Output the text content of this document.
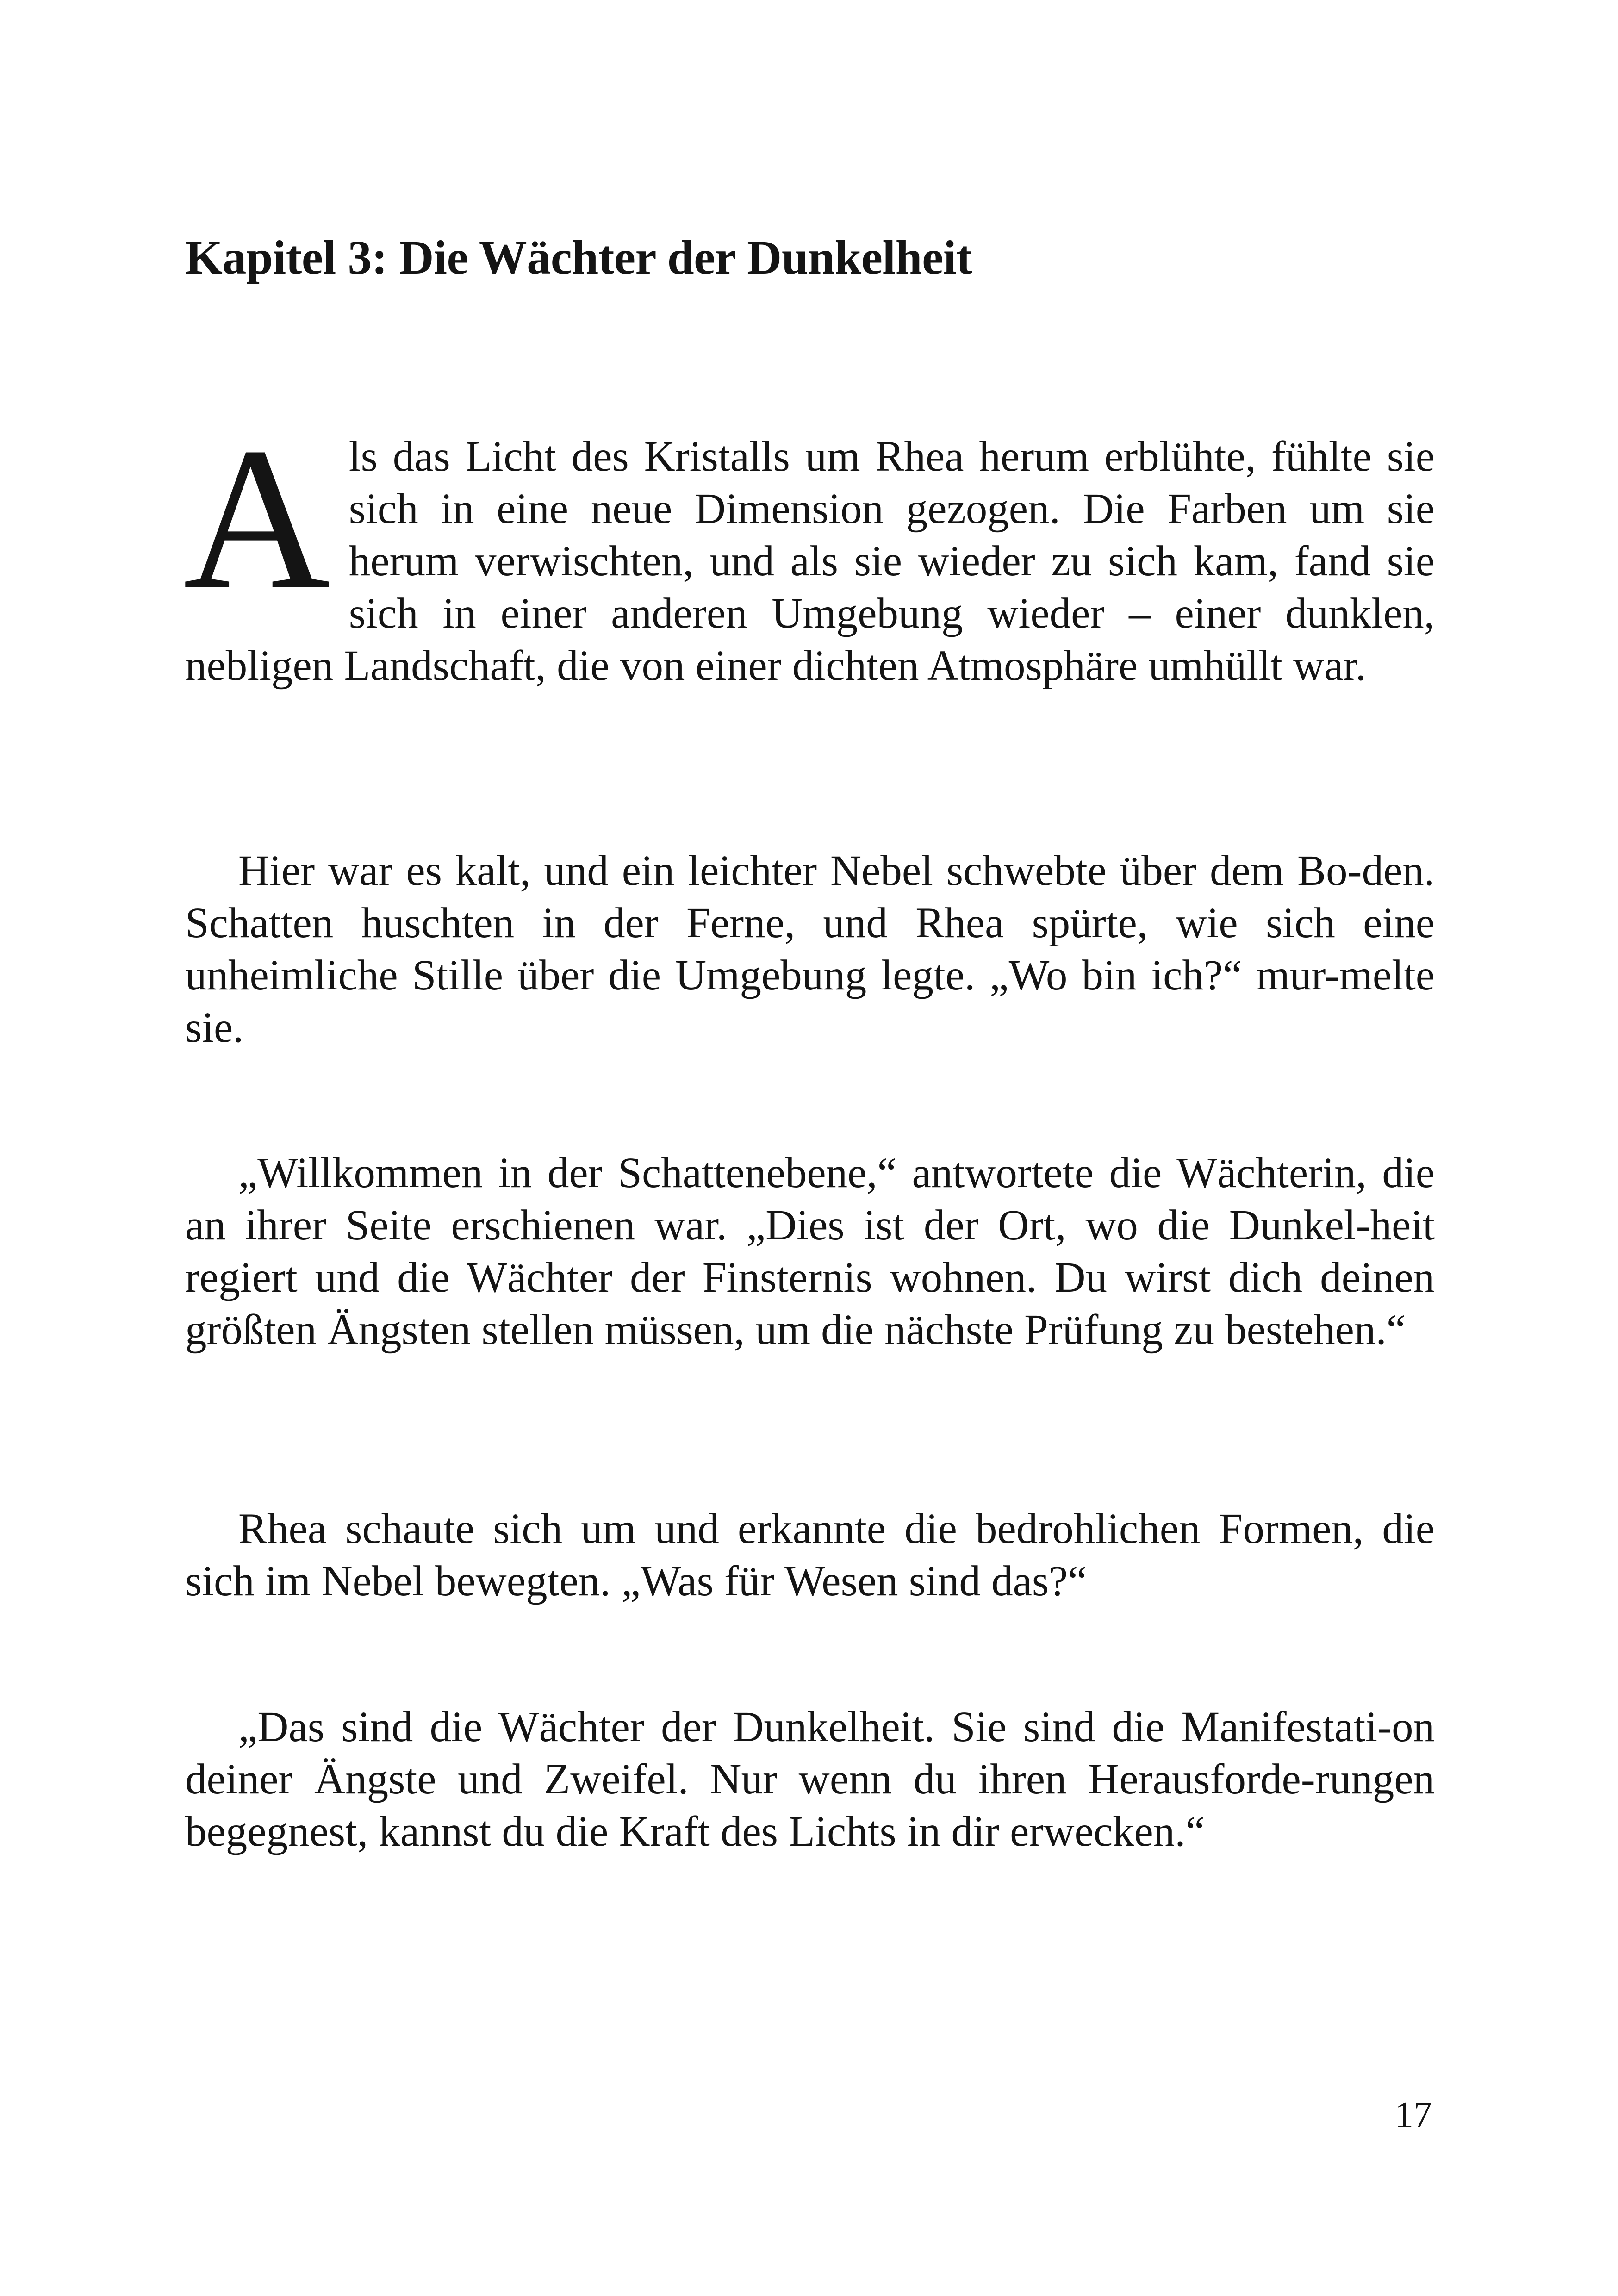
Kapitel 3: Die Wächter der Dunkelheit

Als das Licht des Kristalls um Rhea herum erblühte, fühlte sie sich in eine neue Dimension gezogen. Die Farben um sie herum verwischten, und als sie wieder zu sich kam, fand sie sich in einer anderen Umgebung wieder – einer dunklen, nebligen Landschaft, die von einer dichten Atmosphäre umhüllt war.

Hier war es kalt, und ein leichter Nebel schwebte über dem Bo-den. Schatten huschten in der Ferne, und Rhea spürte, wie sich eine unheimliche Stille über die Umgebung legte. „Wo bin ich?“ mur-melte sie.

„Willkommen in der Schattenebene,“ antwortete die Wächterin, die an ihrer Seite erschienen war. „Dies ist der Ort, wo die Dunkel-heit regiert und die Wächter der Finsternis wohnen. Du wirst dich deinen größten Ängsten stellen müssen, um die nächste Prüfung zu bestehen.“

Rhea schaute sich um und erkannte die bedrohlichen Formen, die sich im Nebel bewegten. „Was für Wesen sind das?“

„Das sind die Wächter der Dunkelheit. Sie sind die Manifestati-on deiner Ängste und Zweifel. Nur wenn du ihren Herausforde-rungen begegnest, kannst du die Kraft des Lichts in dir erwecken.“

17
